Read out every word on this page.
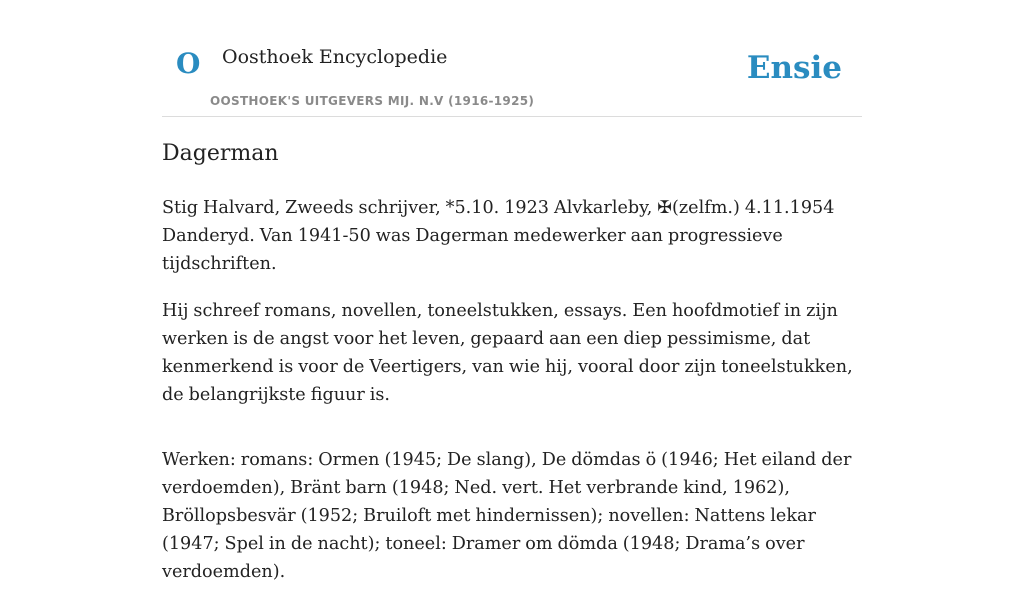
O Oosthoek Encyclopedie
OOSTHOEK'S UITGEVERS MIJ. N.V (1916-1925)
Ensie
Dagerman

Stig Halvard, Zweeds schrijver, *5.10. 1923 Alvkarleby, ✠(zelfm.) 4.11.1954 Danderyd. Van 1941-50 was Dagerman medewerker aan progressieve tijdschriften.

Hij schreef romans, novellen, toneelstukken, essays. Een hoofdmotief in zijn werken is de angst voor het leven, gepaard aan een diep pessimisme, dat kenmerkend is voor de Veertigers, van wie hij, vooral door zijn toneelstukken, de belangrijkste figuur is.

Werken: romans: Ormen (1945; De slang), De dömdas ö (1946; Het eiland der verdoemden), Bränt barn (1948; Ned. vert. Het verbrande kind, 1962), Bröllopsbesvär (1952; Bruiloft met hindernissen); novellen: Nattens lekar (1947; Spel in de nacht); toneel: Dramer om dömda (1948; Drama’s over verdoemden).
